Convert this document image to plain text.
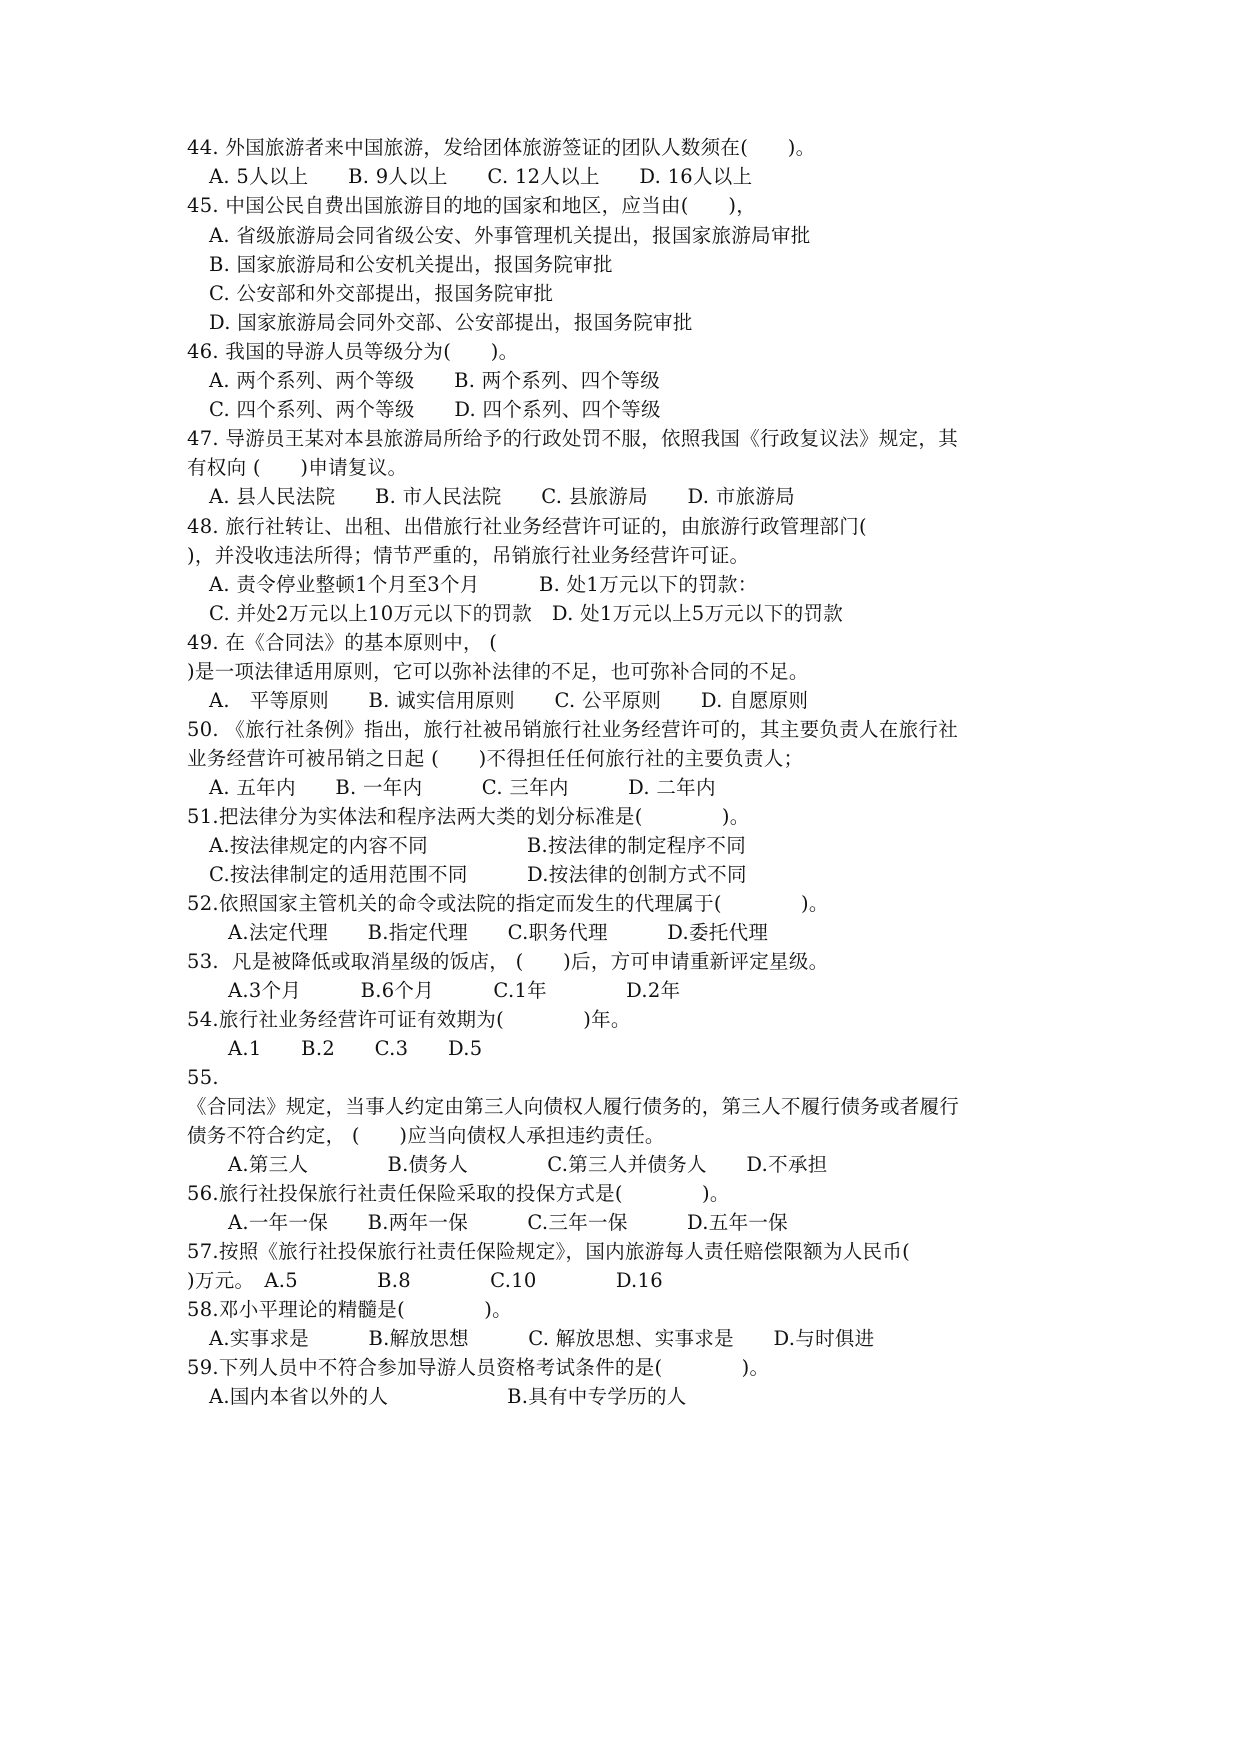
44. 外国旅游者来中国旅游，发给团体旅游签证的团队人数须在(　　)。
A. 5人以上　　B. 9人以上　　C. 12人以上　　D. 16人以上
45. 中国公民自费出国旅游目的地的国家和地区，应当由(　　)，
A. 省级旅游局会同省级公安、外事管理机关提出，报国家旅游局审批
B. 国家旅游局和公安机关提出，报国务院审批
C. 公安部和外交部提出，报国务院审批
D. 国家旅游局会同外交部、公安部提出，报国务院审批
46. 我国的导游人员等级分为(　　)。
A. 两个系列、两个等级　　B. 两个系列、四个等级
C. 四个系列、两个等级　　D. 四个系列、四个等级
47. 导游员王某对本县旅游局所给予的行政处罚不服，依照我国《行政复议法》规定，其
有权向 (　　)申请复议。
A. 县人民法院　　B. 市人民法院　　C. 县旅游局　　D. 市旅游局
48. 旅行社转让、出租、出借旅行社业务经营许可证的，由旅游行政管理部门(
)，并没收违法所得；情节严重的，吊销旅行社业务经营许可证。
A. 责令停业整顿1个月至3个月　　　B. 处1万元以下的罚款：
C. 并处2万元以上10万元以下的罚款　D. 处1万元以上5万元以下的罚款
49. 在《合同法》的基本原则中， (
)是一项法律适用原则，它可以弥补法律的不足，也可弥补合同的不足。
A.　平等原则　　B. 诚实信用原则　　C. 公平原则　　D. 自愿原则
50. 《旅行社条例》指出，旅行社被吊销旅行社业务经营许可的，其主要负责人在旅行社
业务经营许可被吊销之日起 (　　)不得担任任何旅行社的主要负责人；
A. 五年内　　B. 一年内　　　C. 三年内　　　D. 二年内
51.把法律分为实体法和程序法两大类的划分标准是(　　　　)。
A.按法律规定的内容不同　　　　　B.按法律的制定程序不同
C.按法律制定的适用范围不同　　　D.按法律的创制方式不同
52.依照国家主管机关的命令或法院的指定而发生的代理属于(　　　　)。
A.法定代理　　B.指定代理　　C.职务代理　　　D.委托代理
53.  凡是被降低或取消星级的饭店， (　　)后，方可申请重新评定星级。
A.3个月　　　B.6个月　　　C.1年　　　　D.2年
54.旅行社业务经营许可证有效期为(　　　　)年。
A.1　　B.2　　C.3　　D.5
55.
《合同法》规定，当事人约定由第三人向债权人履行债务的，第三人不履行债务或者履行
债务不符合约定， (　　)应当向债权人承担违约责任。
A.第三人　　　　B.债务人　　　　C.第三人并债务人　　D.不承担
56.旅行社投保旅行社责任保险采取的投保方式是(　　　　)。
A.一年一保　　B.两年一保　　　C.三年一保　　　D.五年一保
57.按照《旅行社投保旅行社责任保险规定》，国内旅游每人责任赔偿限额为人民币(
)万元。　A.5　　　　B.8　　　　C.10　　　　D.16
58.邓小平理论的精髓是(　　　　)。
A.实事求是　　　B.解放思想　　　C. 解放思想、实事求是　　D.与时俱进
59.下列人员中不符合参加导游人员资格考试条件的是(　　　　)。
A.国内本省以外的人　　　　　　B.具有中专学历的人
